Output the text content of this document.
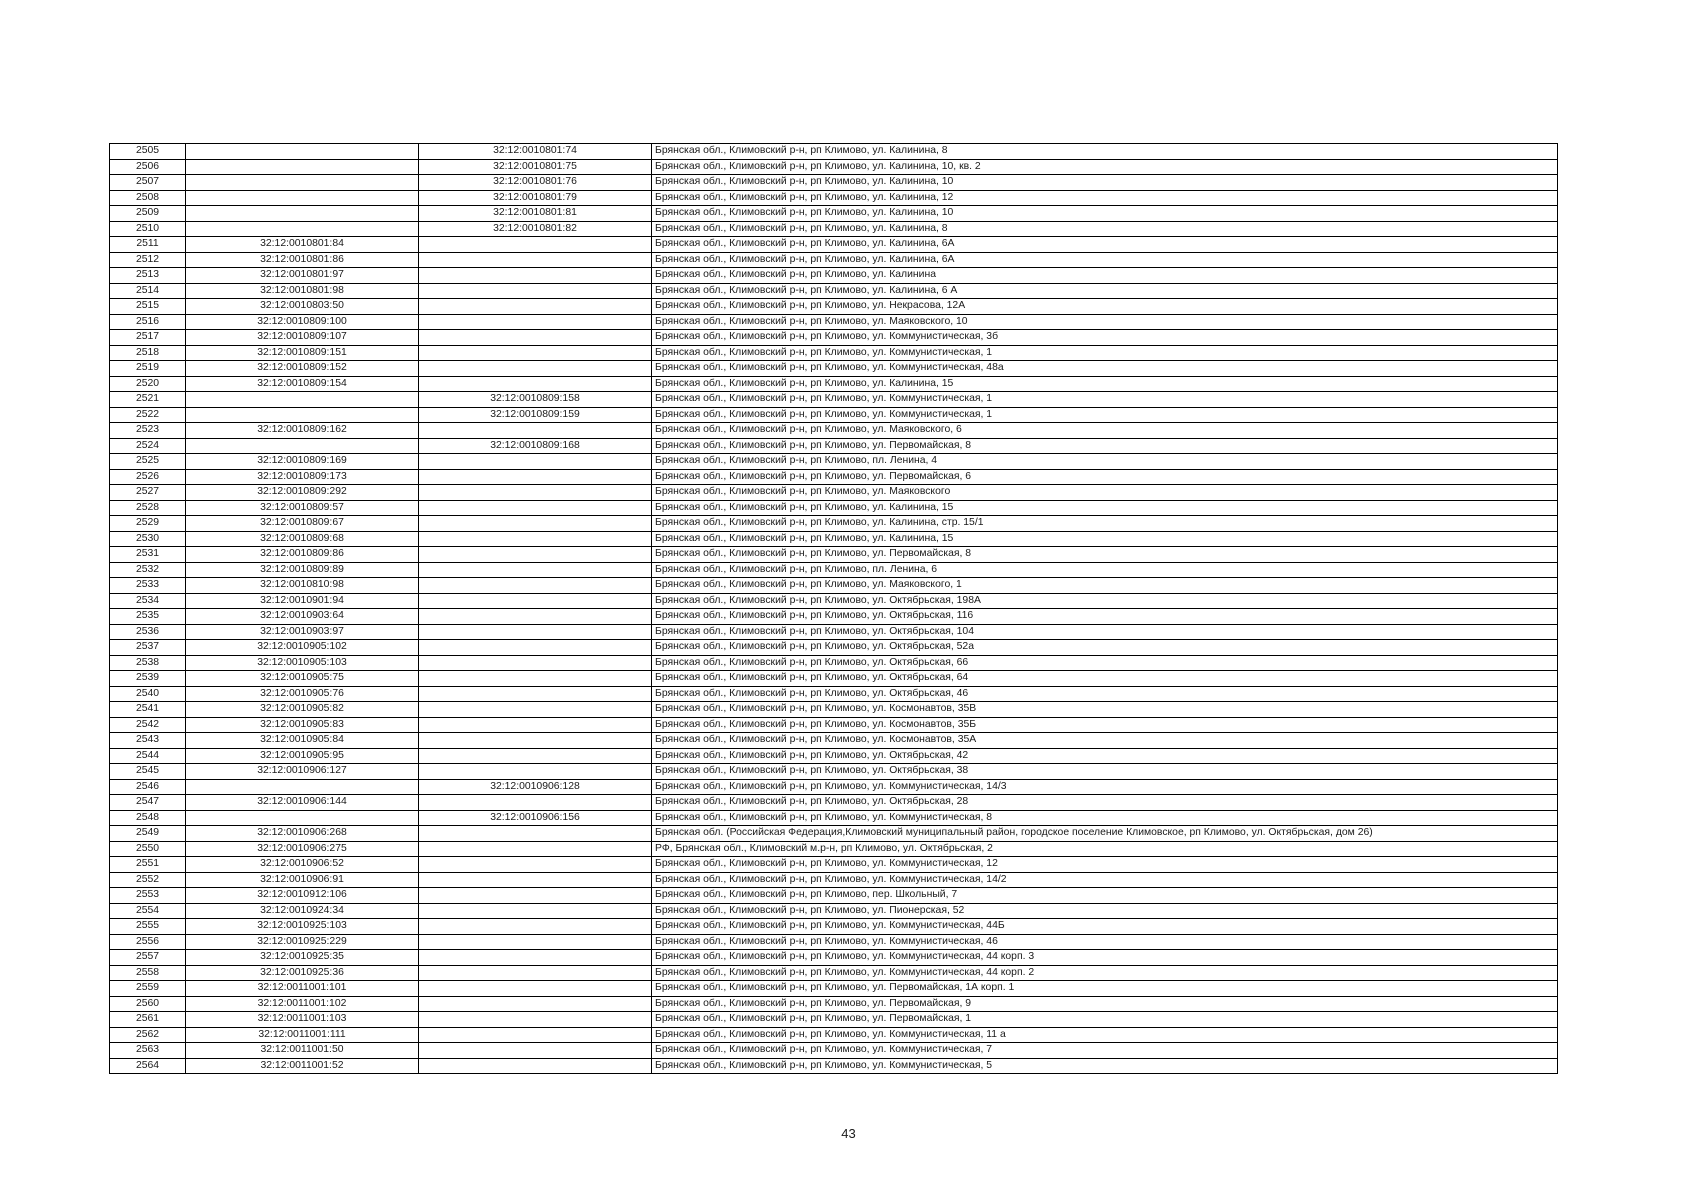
2505		32:12:0010801:74	Брянская обл., Климовский р-н, рп Климово, ул. Калинина, 8
2506		32:12:0010801:75	Брянская обл., Климовский р-н, рп Климово, ул. Калинина, 10, кв. 2
2507		32:12:0010801:76	Брянская обл., Климовский р-н, рп Климово, ул. Калинина, 10
2508		32:12:0010801:79	Брянская обл., Климовский р-н, рп Климово, ул. Калинина, 12
2509		32:12:0010801:81	Брянская обл., Климовский р-н, рп Климово, ул. Калинина, 10
2510		32:12:0010801:82	Брянская обл., Климовский р-н, рп Климово, ул. Калинина, 8
2511	32:12:0010801:84		Брянская обл., Климовский р-н, рп Климово, ул. Калинина, 6А
2512	32:12:0010801:86		Брянская обл., Климовский р-н, рп Климово, ул. Калинина, 6А
2513	32:12:0010801:97		Брянская обл., Климовский р-н, рп Климово, ул. Калинина
2514	32:12:0010801:98		Брянская обл., Климовский р-н, рп Климово, ул. Калинина, 6 А
2515	32:12:0010803:50		Брянская обл., Климовский р-н, рп Климово, ул. Некрасова, 12А
2516	32:12:0010809:100		Брянская обл., Климовский р-н, рп Климово, ул. Маяковского, 10
2517	32:12:0010809:107		Брянская обл., Климовский р-н, рп Климово, ул. Коммунистическая, 3б
2518	32:12:0010809:151		Брянская обл., Климовский р-н, рп Климово, ул. Коммунистическая, 1
2519	32:12:0010809:152		Брянская обл., Климовский р-н, рп Климово, ул. Коммунистическая, 48а
2520	32:12:0010809:154		Брянская обл., Климовский р-н, рп Климово, ул. Калинина, 15
2521		32:12:0010809:158	Брянская обл., Климовский р-н, рп Климово, ул. Коммунистическая, 1
2522		32:12:0010809:159	Брянская обл., Климовский р-н, рп Климово, ул. Коммунистическая, 1
2523	32:12:0010809:162		Брянская обл., Климовский р-н, рп Климово, ул. Маяковского, 6
2524		32:12:0010809:168	Брянская обл., Климовский р-н, рп Климово, ул. Первомайская, 8
2525	32:12:0010809:169		Брянская обл., Климовский р-н, рп Климово, пл. Ленина, 4
2526	32:12:0010809:173		Брянская обл., Климовский р-н, рп Климово, ул. Первомайская, 6
2527	32:12:0010809:292		Брянская обл., Климовский р-н, рп Климово, ул. Маяковского
2528	32:12:0010809:57		Брянская обл., Климовский р-н, рп Климово, ул. Калинина, 15
2529	32:12:0010809:67		Брянская обл., Климовский р-н, рп Климово, ул. Калинина, стр. 15/1
2530	32:12:0010809:68		Брянская обл., Климовский р-н, рп Климово, ул. Калинина, 15
2531	32:12:0010809:86		Брянская обл., Климовский р-н, рп Климово, ул. Первомайская, 8
2532	32:12:0010809:89		Брянская обл., Климовский р-н, рп Климово, пл. Ленина, 6
2533	32:12:0010810:98		Брянская обл., Климовский р-н, рп Климово, ул. Маяковского, 1
2534	32:12:0010901:94		Брянская обл., Климовский р-н, рп Климово, ул. Октябрьская, 198А
2535	32:12:0010903:64		Брянская обл., Климовский р-н, рп Климово, ул. Октябрьская, 116
2536	32:12:0010903:97		Брянская обл., Климовский р-н, рп Климово, ул. Октябрьская, 104
2537	32:12:0010905:102		Брянская обл., Климовский р-н, рп Климово, ул. Октябрьская, 52а
2538	32:12:0010905:103		Брянская обл., Климовский р-н, рп Климово, ул. Октябрьская, 66
2539	32:12:0010905:75		Брянская обл., Климовский р-н, рп Климово, ул. Октябрьская, 64
2540	32:12:0010905:76		Брянская обл., Климовский р-н, рп Климово, ул. Октябрьская, 46
2541	32:12:0010905:82		Брянская обл., Климовский р-н, рп Климово, ул. Космонавтов, 35В
2542	32:12:0010905:83		Брянская обл., Климовский р-н, рп Климово, ул. Космонавтов, 35Б
2543	32:12:0010905:84		Брянская обл., Климовский р-н, рп Климово, ул. Космонавтов, 35А
2544	32:12:0010905:95		Брянская обл., Климовский р-н, рп Климово, ул. Октябрьская, 42
2545	32:12:0010906:127		Брянская обл., Климовский р-н, рп Климово, ул. Октябрьская, 38
2546		32:12:0010906:128	Брянская обл., Климовский р-н, рп Климово, ул. Коммунистическая, 14/3
2547	32:12:0010906:144		Брянская обл., Климовский р-н, рп Климово, ул. Октябрьская, 28
2548		32:12:0010906:156	Брянская обл., Климовский р-н, рп Климово, ул. Коммунистическая, 8
2549	32:12:0010906:268		Брянская обл. (Российская Федерация,Климовский муниципальный район, городское поселение Климовское, рп Климово, ул. Октябрьская, дом 26)
2550	32:12:0010906:275		РФ, Брянская обл., Климовский м.р-н, рп Климово, ул. Октябрьская, 2
2551	32:12:0010906:52		Брянская обл., Климовский р-н, рп Климово, ул. Коммунистическая, 12
2552	32:12:0010906:91		Брянская обл., Климовский р-н, рп Климово, ул. Коммунистическая, 14/2
2553	32:12:0010912:106		Брянская обл., Климовский р-н, рп Климово, пер. Школьный, 7
2554	32:12:0010924:34		Брянская обл., Климовский р-н, рп Климово, ул. Пионерская, 52
2555	32:12:0010925:103		Брянская обл., Климовский р-н, рп Климово, ул. Коммунистическая, 44Б
2556	32:12:0010925:229		Брянская обл., Климовский р-н, рп Климово, ул. Коммунистическая, 46
2557	32:12:0010925:35		Брянская обл., Климовский р-н, рп Климово, ул. Коммунистическая, 44 корп. 3
2558	32:12:0010925:36		Брянская обл., Климовский р-н, рп Климово, ул. Коммунистическая, 44 корп. 2
2559	32:12:0011001:101		Брянская обл., Климовский р-н, рп Климово, ул. Первомайская, 1А корп. 1
2560	32:12:0011001:102		Брянская обл., Климовский р-н, рп Климово, ул. Первомайская, 9
2561	32:12:0011001:103		Брянская обл., Климовский р-н, рп Климово, ул. Первомайская, 1
2562	32:12:0011001:111		Брянская обл., Климовский р-н, рп Климово, ул. Коммунистическая, 11 а
2563	32:12:0011001:50		Брянская обл., Климовский р-н, рп Климово, ул. Коммунистическая, 7
2564	32:12:0011001:52		Брянская обл., Климовский р-н, рп Климово, ул. Коммунистическая, 5
43
